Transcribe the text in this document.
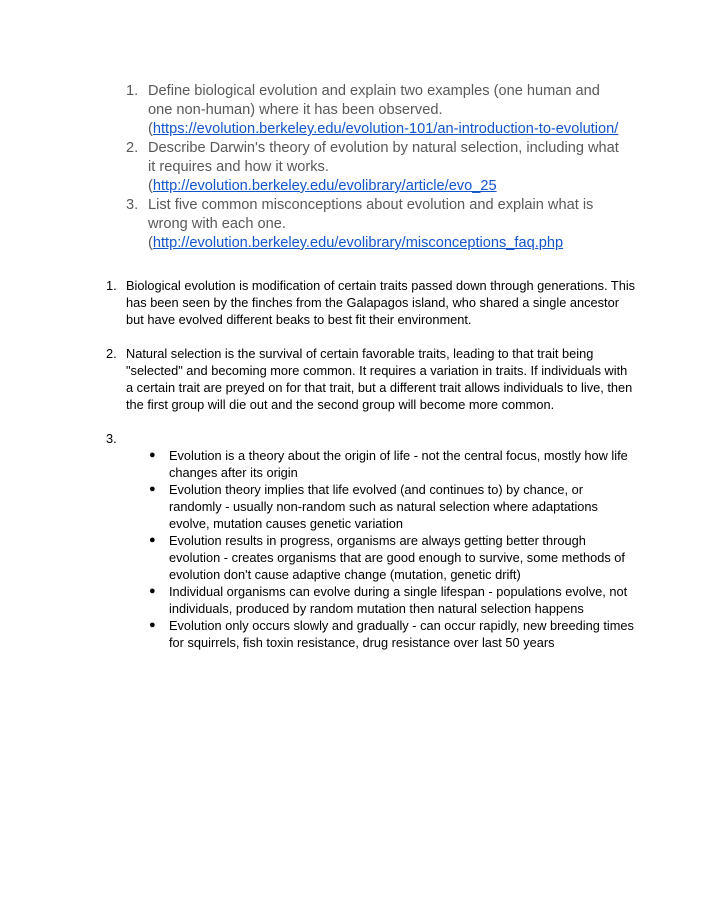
1. Define biological evolution and explain two examples (one human and one non-human) where it has been observed.
(https://evolution.berkeley.edu/evolution-101/an-introduction-to-evolution/
2. Describe Darwin's theory of evolution by natural selection, including what it requires and how it works.
(http://evolution.berkeley.edu/evolibrary/article/evo_25
3. List five common misconceptions about evolution and explain what is wrong with each one.
(http://evolution.berkeley.edu/evolibrary/misconceptions_faq.php
1. Biological evolution is modification of certain traits passed down through generations. This has been seen by the finches from the Galapagos island, who shared a single ancestor but have evolved different beaks to best fit their environment.
2. Natural selection is the survival of certain favorable traits, leading to that trait being "selected" and becoming more common. It requires a variation in traits. If individuals with a certain trait are preyed on for that trait, but a different trait allows individuals to live, then the first group will die out and the second group will become more common.
3.

● Evolution is a theory about the origin of life - not the central focus, mostly how life changes after its origin
● Evolution theory implies that life evolved (and continues to) by chance, or randomly - usually non-random such as natural selection where adaptations evolve, mutation causes genetic variation
● Evolution results in progress, organisms are always getting better through evolution - creates organisms that are good enough to survive, some methods of evolution don't cause adaptive change (mutation, genetic drift)
● Individual organisms can evolve during a single lifespan - populations evolve, not individuals, produced by random mutation then natural selection happens
● Evolution only occurs slowly and gradually - can occur rapidly, new breeding times for squirrels, fish toxin resistance, drug resistance over last 50 years
